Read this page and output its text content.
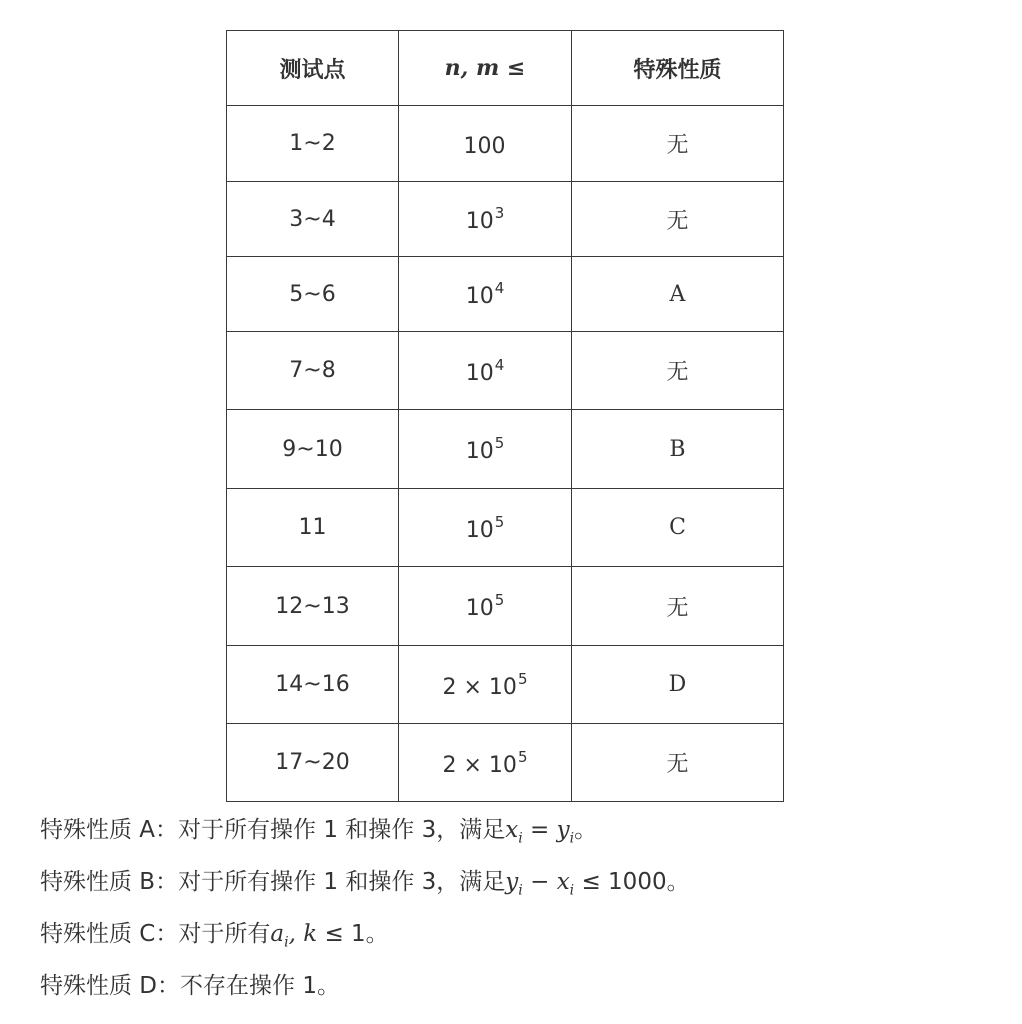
测试点	n, m ≤	特殊性质
1~2	100	无
3~4	$10^3$	无
5~6	$10^4$	A
7~8	$10^4$	无
9~10	$10^5$	B
11	$10^5$	C
12~13	$10^5$	无
14~16	$2 \times 10^5$	D
17~20	$2 \times 10^5$	无
特殊性质 A：对于所有操作 1 和操作 3，满足$x_i = y_i$。
特殊性质 B：对于所有操作 1 和操作 3，满足$y_i - x_i \le 1000$。
特殊性质 C：对于所有$a_i$, k ≤ 1。
特殊性质 D：不存在操作 1。
